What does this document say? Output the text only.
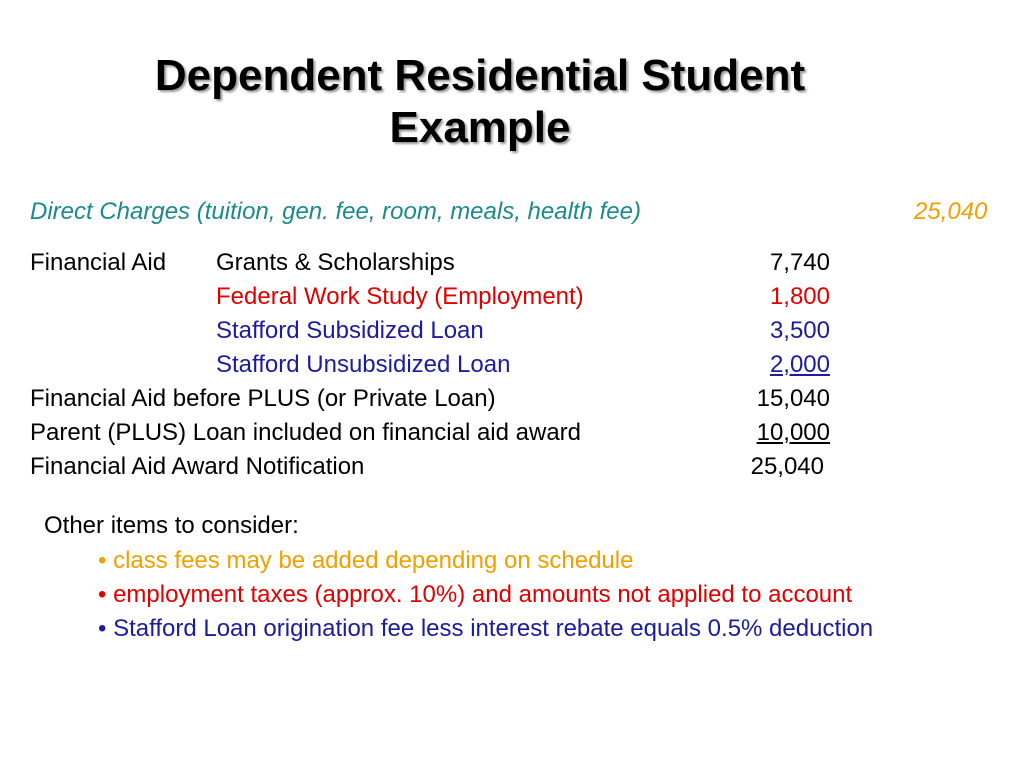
Dependent Residential Student
Example
Direct Charges (tuition, gen. fee, room, meals, health fee)	25,040
Financial Aid Grants & Scholarships	7,740
Federal Work Study (Employment)	1,800
Stafford Subsidized Loan	3,500
Stafford Unsubsidized Loan	2,000
Financial Aid before PLUS (or Private Loan)	15,040
Parent (PLUS) Loan included on financial aid award	10,000
Financial Aid Award Notification	25,040
Other items to consider:
• class fees may be added depending on schedule
• employment taxes (approx. 10%) and amounts not applied to account
• Stafford Loan origination fee less interest rebate equals 0.5% deduction
